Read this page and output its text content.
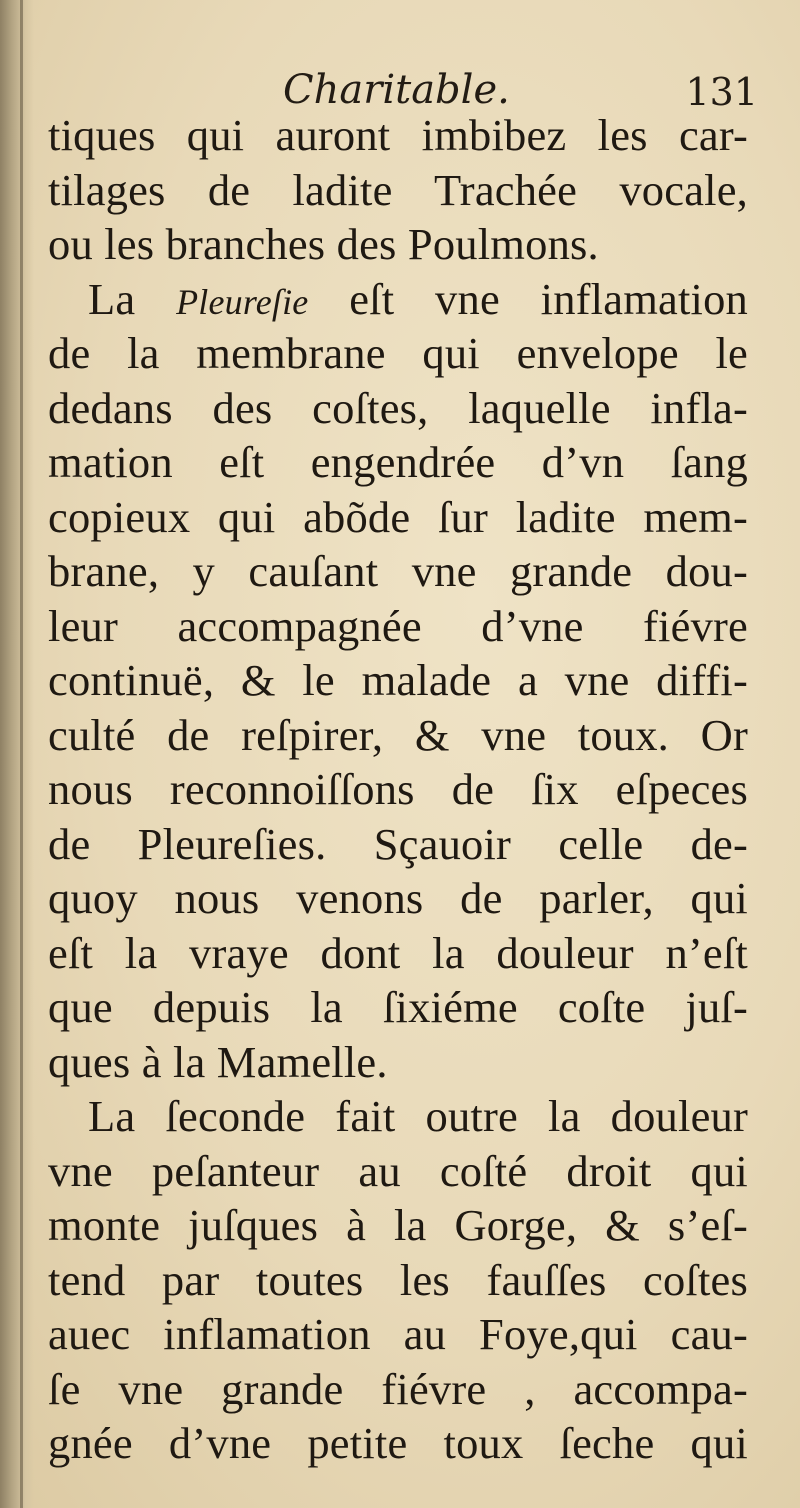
Charitable.	131
tiques qui auront imbibez les car-
tilages de ladite Trachée vocale,
ou les branches des Poulmons.
La Pleureſie eſt vne inflamation
de la membrane qui envelope le
dedans des coſtes, laquelle infla-
mation eſt engendrée d’vn ſang
copieux qui abõde ſur ladite mem-
brane, y cauſant vne grande dou-
leur accompagnée d’vne fiévre
continuë, & le malade a vne diffi-
culté de reſpirer, & vne toux. Or
nous reconnoiſſons de ſix eſpeces
de Pleureſies. Sçauoir celle de-
quoy nous venons de parler, qui
eſt la vraye dont la douleur n’eſt
que depuis la ſixiéme coſte juſ-
ques à la Mamelle.
La ſeconde fait outre la douleur
vne peſanteur au coſté droit qui
monte juſques à la Gorge, & s’eſ-
tend par toutes les fauſſes coſtes
auec inflamation au Foye,qui cau-
ſe vne grande fiévre , accompa-
gnée d’vne petite toux ſeche qui
